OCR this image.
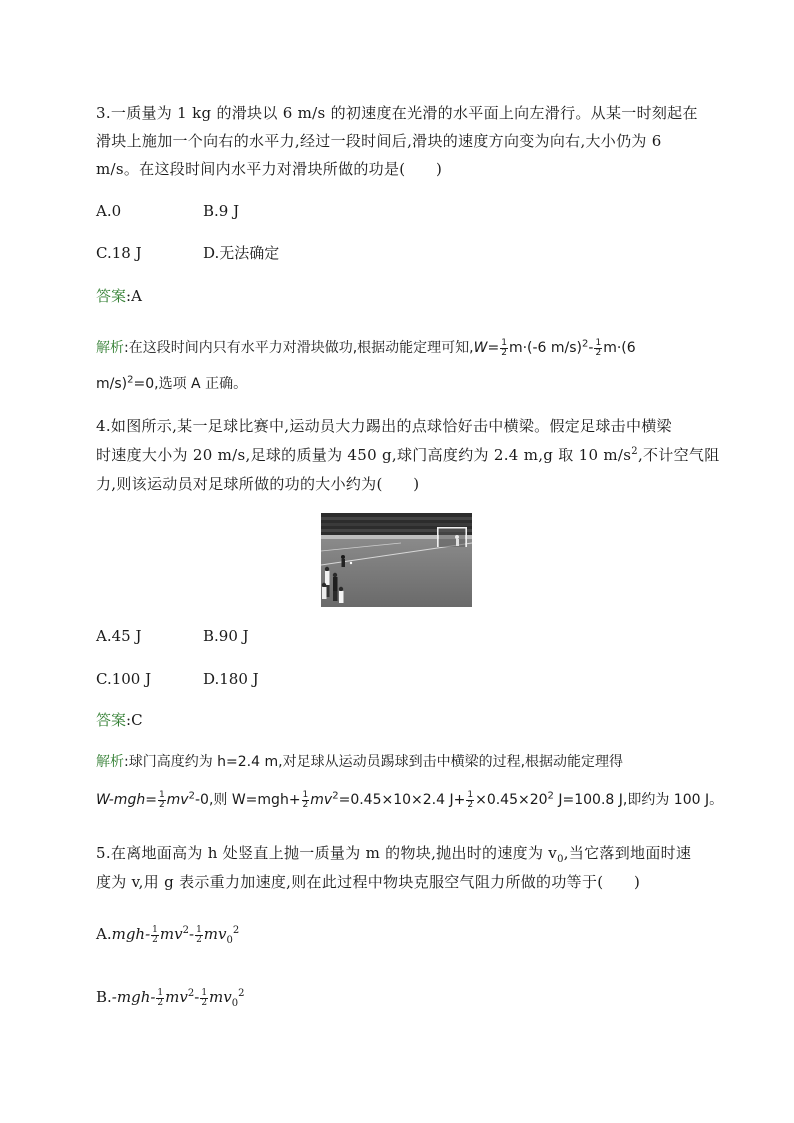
3.一质量为 1 kg 的滑块以 6 m/s 的初速度在光滑的水平面上向左滑行。从某一时刻起在
滑块上施加一个向右的水平力,经过一段时间后,滑块的速度方向变为向右,大小仍为 6
m/s。在这段时间内水平力对滑块所做的功是(　　)
A.0	B.9 J
C.18 J	D.无法确定
答案:A
解析:在这段时间内只有水平力对滑块做功,根据动能定理可知$,W= \frac{1}{2} m\cdot(-6$ $m/s)^2- \frac{1}{2} m\cdot(6$
m/s)$^2$=0,选项 A 正确。
4.如图所示,某一足球比赛中,运动员大力踢出的点球恰好击中横梁。假定足球击中横梁
时速度大小为 20 m/s,足球的质量为 450 g,球门高度约为 2.4 m,g 取 10 $m/s^2$,不计空气阻
力,则该运动员对足球所做的功的大小约为(　　)
A.45 J	B.90 J
C.100 J	D.180 J
答案:C
解析:球门高度约为 h=2.4 m,对足球从运动员踢球到击中横梁的过程,根据动能定理得
$W-mgh= \frac{1}{2} mv^2-0$,则 $W=mgh+ \frac{1}{2} mv^2=0.45\times 10\times 2.4$ $J+ \frac{1}{2} \times 0.45\times 20^2$ J=100.8 J,即约为 100 J。
5.在离地面高为 h 处竖直上抛一质量为 m 的物块,抛出时的速度为 $v_0$,当它落到地面时速
度为 v,用 g 表示重力加速度,则在此过程中物块克服空气阻力所做的功等于(　　)
$A.mgh- \frac{1}{2} mv^2- \frac{1}{2} mv_0^2$
$B.-mgh- \frac{1}{2} mv^2- \frac{1}{2} mv_0^2$
